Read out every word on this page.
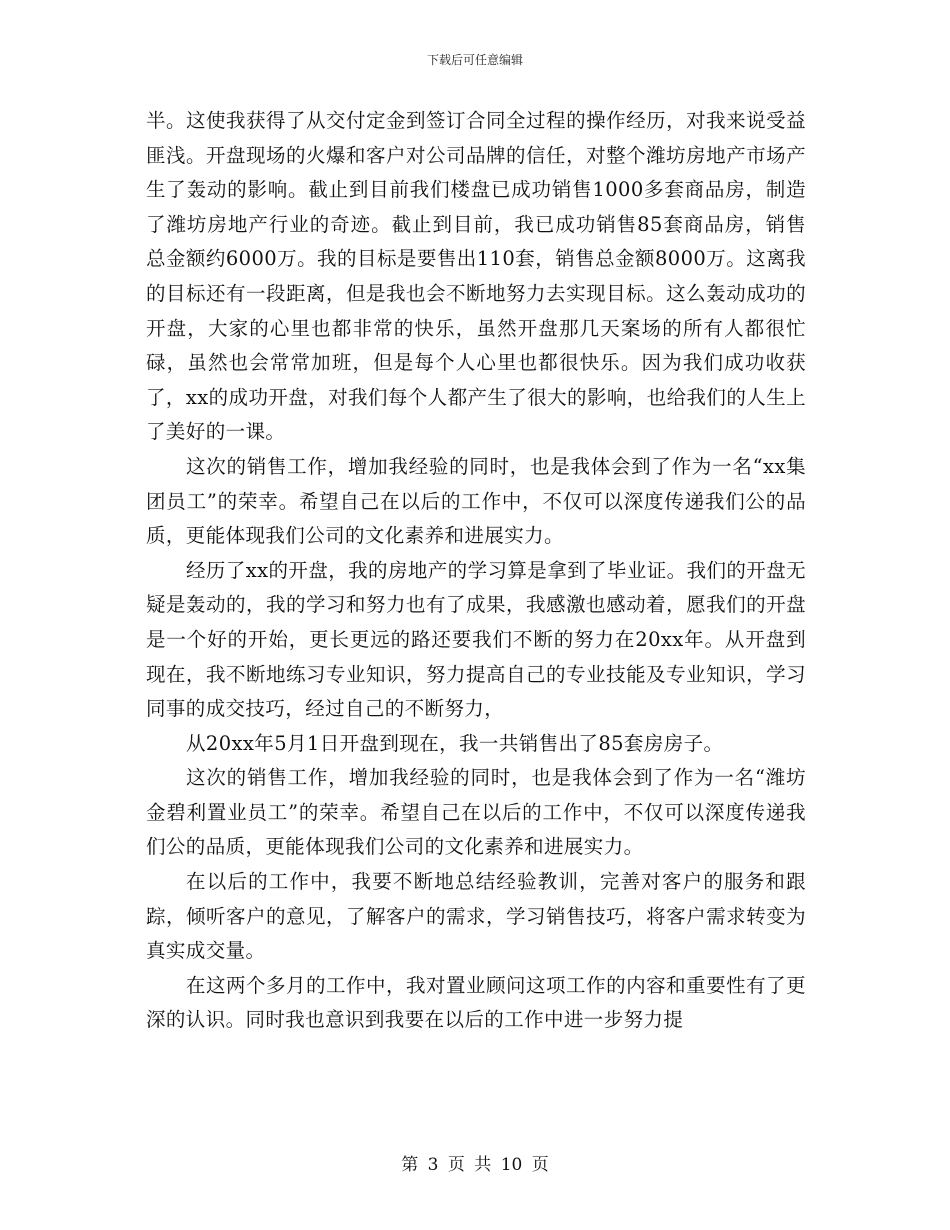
下载后可任意编辑

半。这使我获得了从交付定金到签订合同全过程的操作经历，对我来说受益匪浅。开盘现场的火爆和客户对公司品牌的信任，对整个潍坊房地产市场产生了轰动的影响。截止到目前我们楼盘已成功销售1000多套商品房，制造了潍坊房地产行业的奇迹。截止到目前，我已成功销售85套商品房，销售总金额约6000万。我的目标是要售出110套，销售总金额8000万。这离我的目标还有一段距离，但是我也会不断地努力去实现目标。这么轰动成功的开盘，大家的心里也都非常的快乐，虽然开盘那几天案场的所有人都很忙碌，虽然也会常常加班，但是每个人心里也都很快乐。因为我们成功收获了，xx的成功开盘，对我们每个人都产生了很大的影响，也给我们的人生上了美好的一课。

这次的销售工作，增加我经验的同时，也是我体会到了作为一名“xx集团员工”的荣幸。希望自己在以后的工作中，不仅可以深度传递我们公的品质，更能体现我们公司的文化素养和进展实力。

经历了xx的开盘，我的房地产的学习算是拿到了毕业证。我们的开盘无疑是轰动的，我的学习和努力也有了成果，我感激也感动着，愿我们的开盘是一个好的开始，更长更远的路还要我们不断的努力在20xx年。从开盘到现在，我不断地练习专业知识，努力提高自己的专业技能及专业知识，学习同事的成交技巧，经过自己的不断努力，

从20xx年5月1日开盘到现在，我一共销售出了85套房房子。

这次的销售工作，增加我经验的同时，也是我体会到了作为一名“潍坊金碧利置业员工”的荣幸。希望自己在以后的工作中，不仅可以深度传递我们公的品质，更能体现我们公司的文化素养和进展实力。

在以后的工作中，我要不断地总结经验教训，完善对客户的服务和跟踪，倾听客户的意见，了解客户的需求，学习销售技巧，将客户需求转变为真实成交量。

在这两个多月的工作中，我对置业顾问这项工作的内容和重要性有了更深的认识。同时我也意识到我要在以后的工作中进一步努力提

第 3 页 共 10 页
